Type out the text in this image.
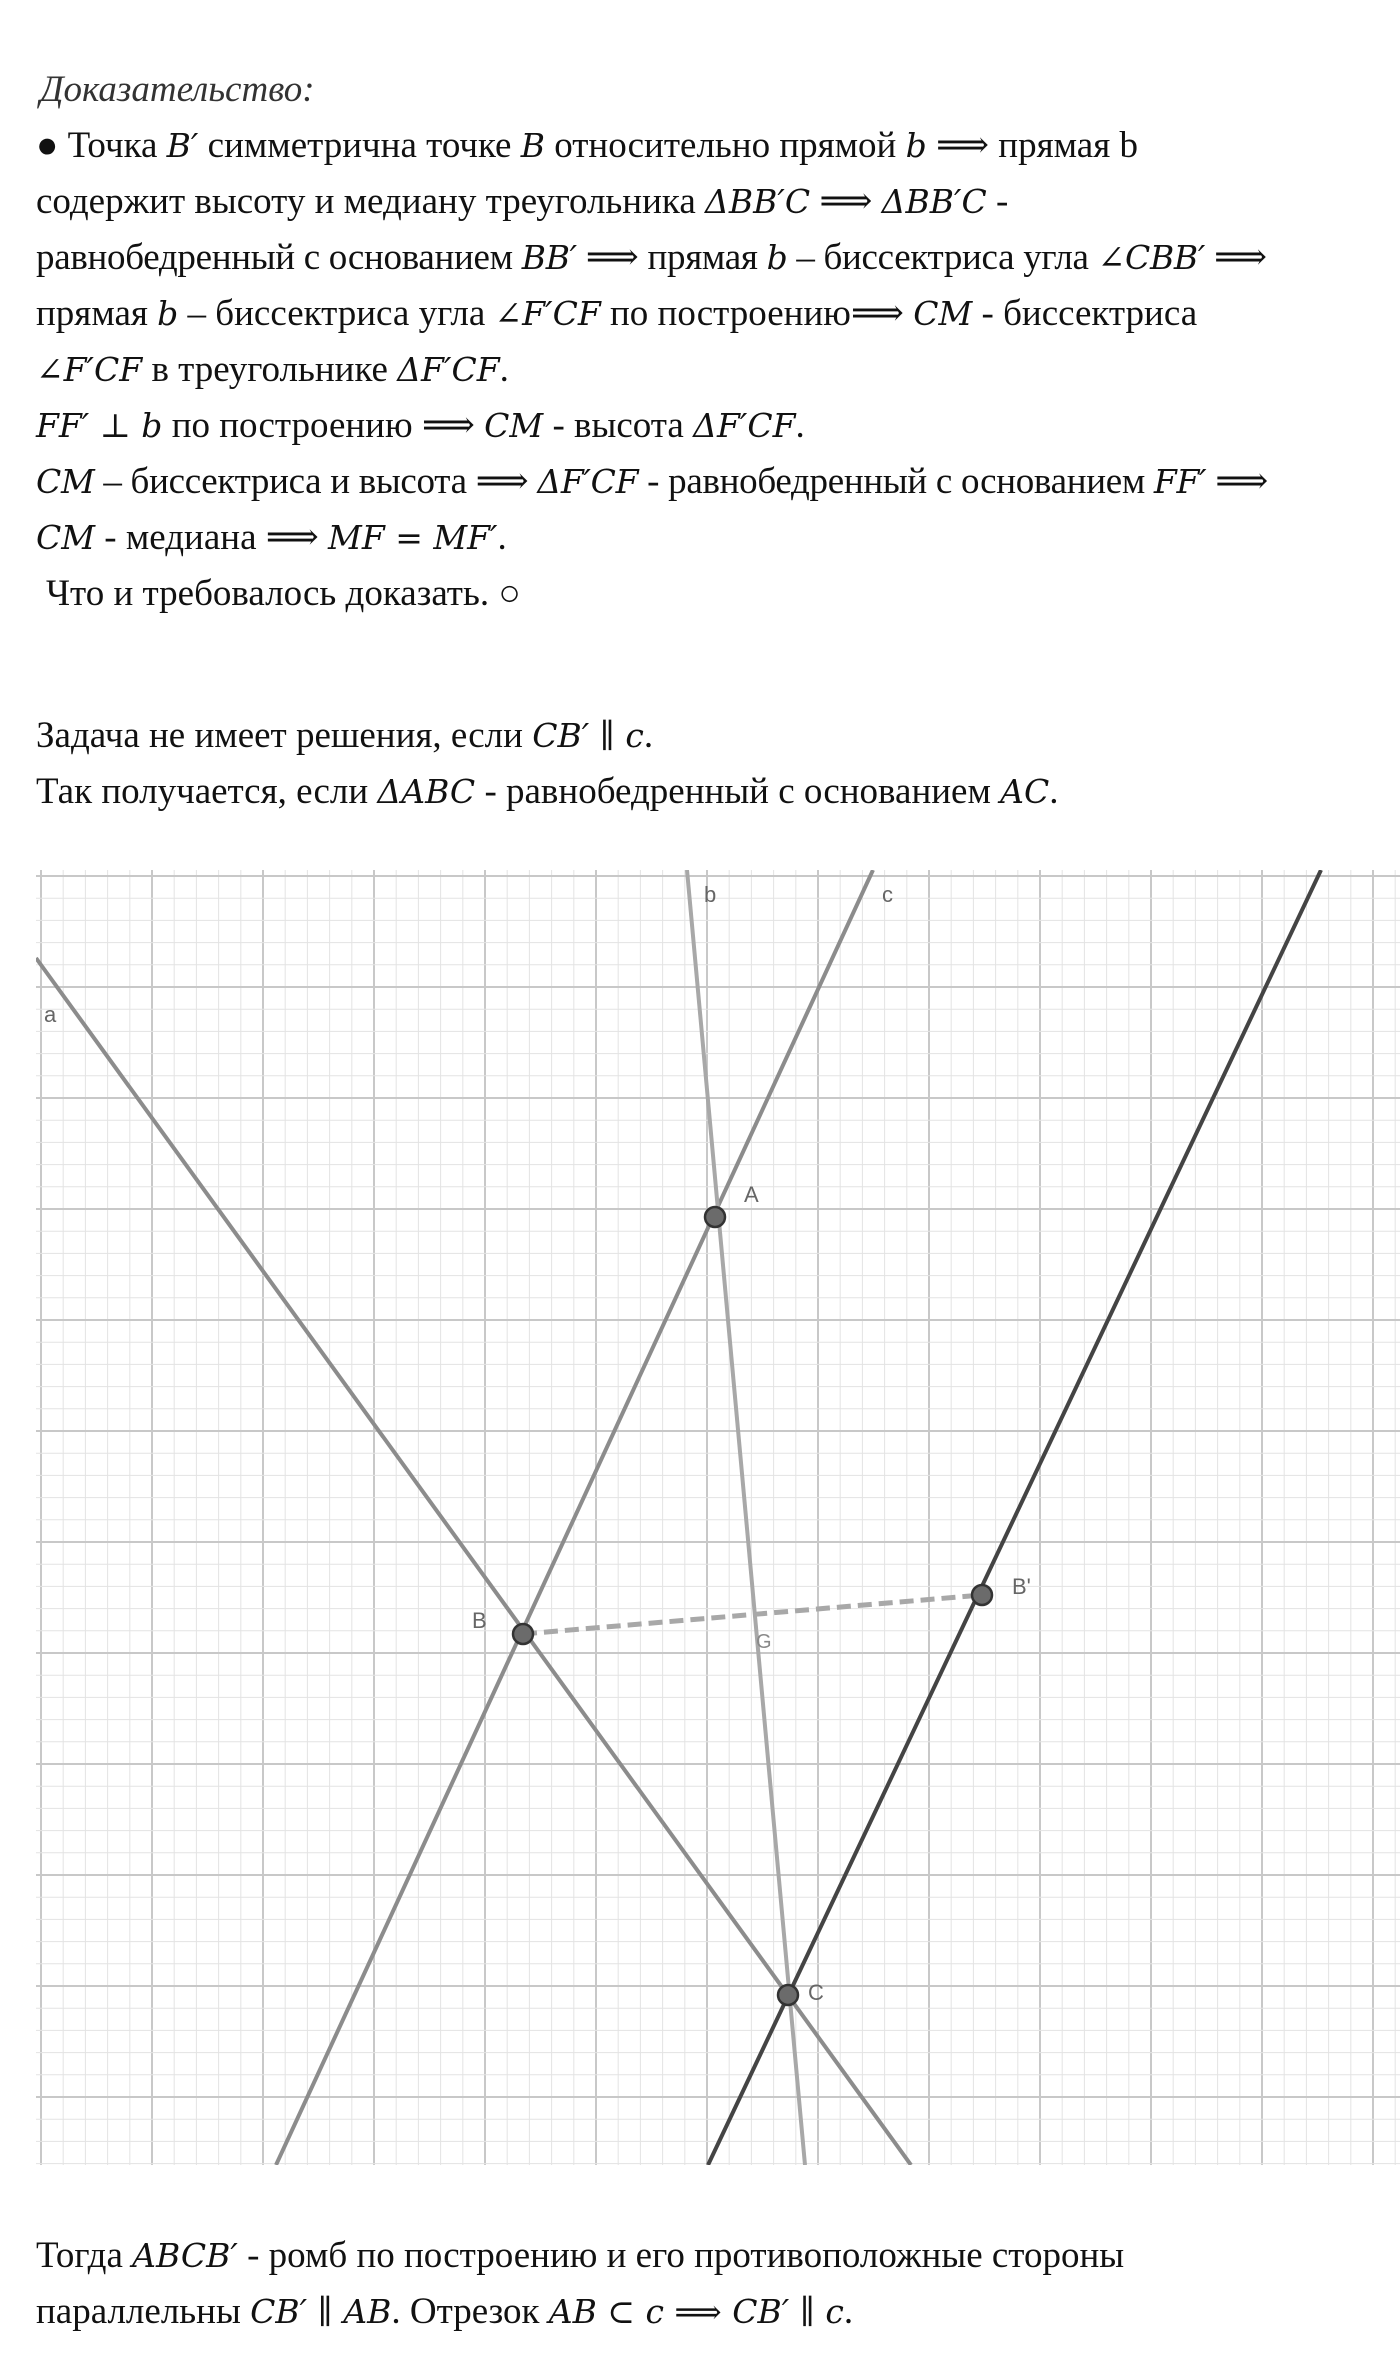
Доказательство:
● Точка B′ симметрична точке B относительно прямой b ⟹ прямая b
содержит высоту и медиану треугольника ΔBB′C ⟹ ΔBB′C -
равнобедренный с основанием BB′ ⟹ прямая b – биссектриса угла ∠CBB′ ⟹
прямая b – биссектриса угла ∠F′CF по построению⟹ CM - биссектриса
∠F′CF в треугольнике ΔF′CF.
FF′ ⊥ b по построению ⟹ CM - высота ΔF′CF.
CM – биссектриса и высота ⟹ ΔF′CF - равнобедренный с основанием FF′ ⟹
CM - медиана ⟹ MF = MF′.
Что и требовалось доказать. ○
Задача не имеет решения, если CB′ ∥ c.
Так получается, если ΔABC - равнобедренный с основанием AC.
a
b	c
A
B
B'
C
G
Тогда ABCB′ - ромб по построению и его противоположные стороны
параллельны CB′ ∥ AB. Отрезок AB ⊂ c ⟹ CB′ ∥ c.
